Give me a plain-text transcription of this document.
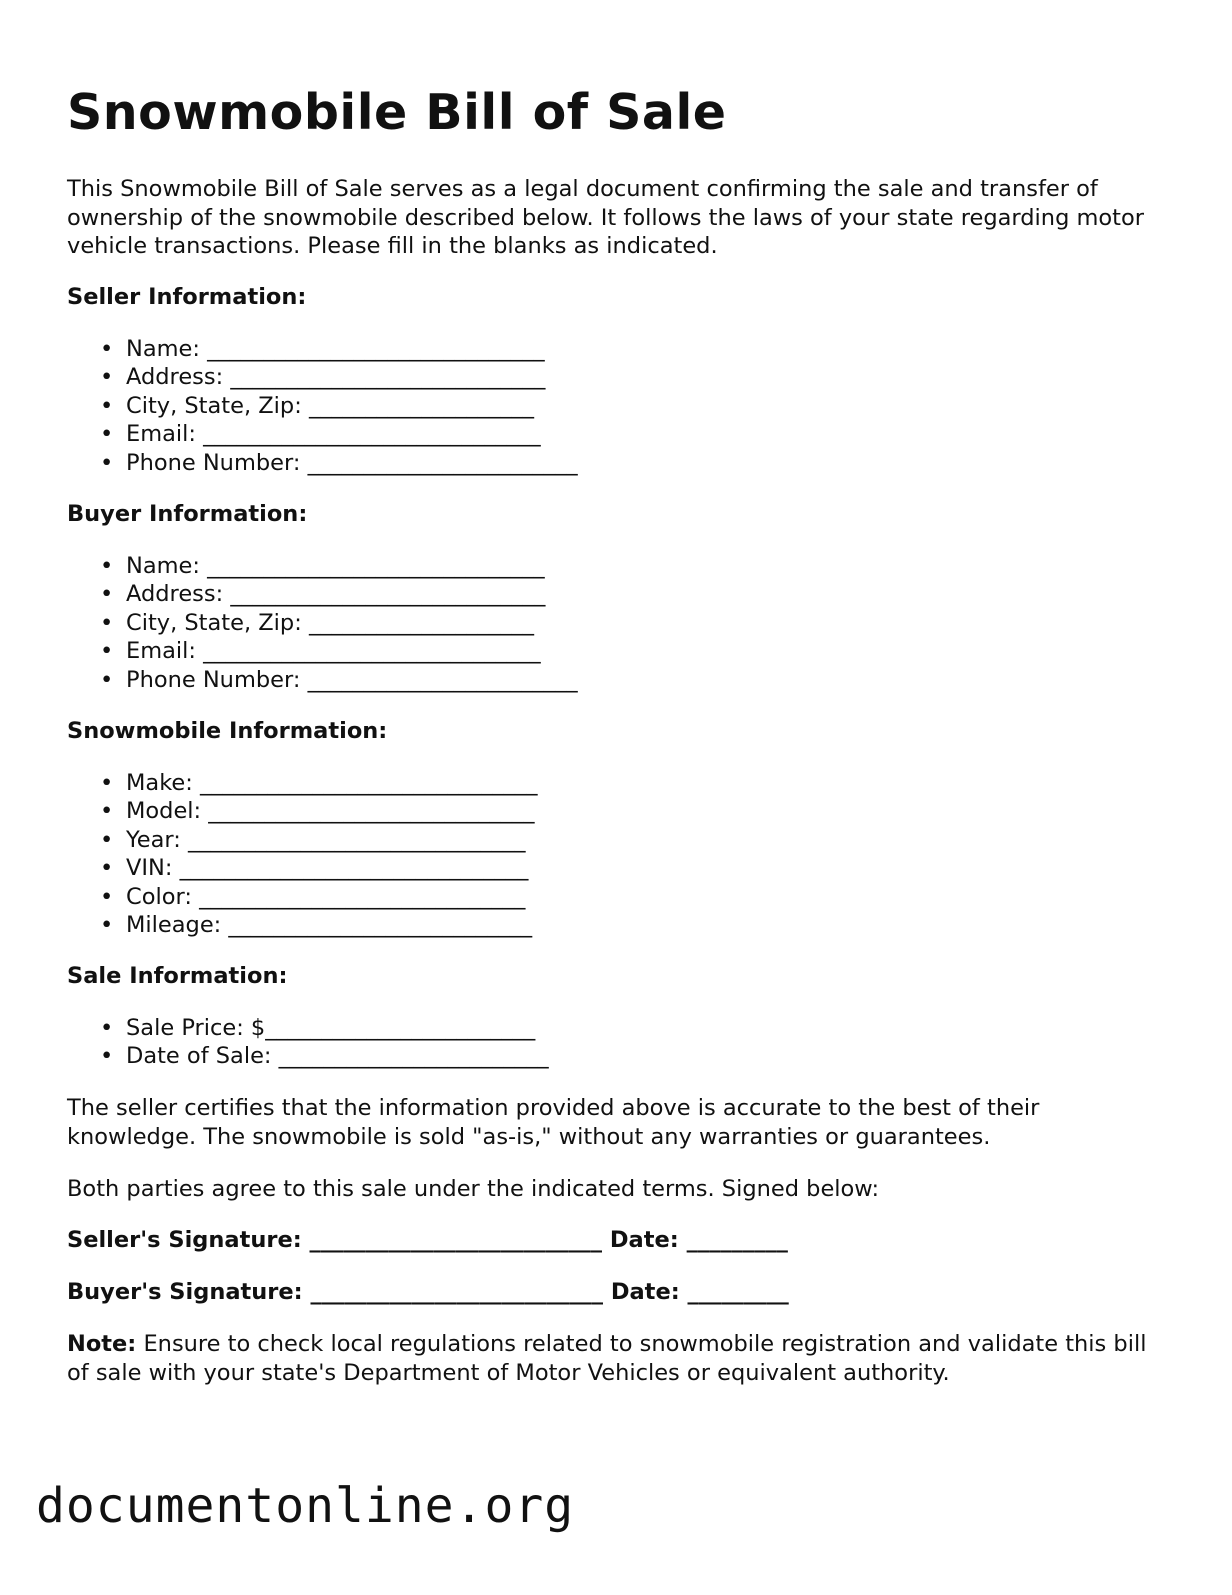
Snowmobile Bill of Sale

This Snowmobile Bill of Sale serves as a legal document confirming the sale and transfer of ownership of the snowmobile described below. It follows the laws of your state regarding motor vehicle transactions. Please fill in the blanks as indicated.

Seller Information:
• Name: ______________________________
• Address: ____________________________
• City, State, Zip: ____________________
• Email: ______________________________
• Phone Number: ________________________
Buyer Information:
• Name: ______________________________
• Address: ____________________________
• City, State, Zip: ____________________
• Email: ______________________________
• Phone Number: ________________________
Snowmobile Information:
• Make: ______________________________
• Model: _____________________________
• Year: ______________________________
• VIN: _______________________________
• Color: _____________________________
• Mileage: ___________________________
Sale Information:
• Sale Price: $________________________
• Date of Sale: ________________________

The seller certifies that the information provided above is accurate to the best of their knowledge. The snowmobile is sold "as-is," without any warranties or guarantees.

Both parties agree to this sale under the indicated terms. Signed below:

Seller's Signature: __________________________ Date: _________
Buyer's Signature: __________________________ Date: _________

Note: Ensure to check local regulations related to snowmobile registration and validate this bill of sale with your state's Department of Motor Vehicles or equivalent authority.

documentonline.org
